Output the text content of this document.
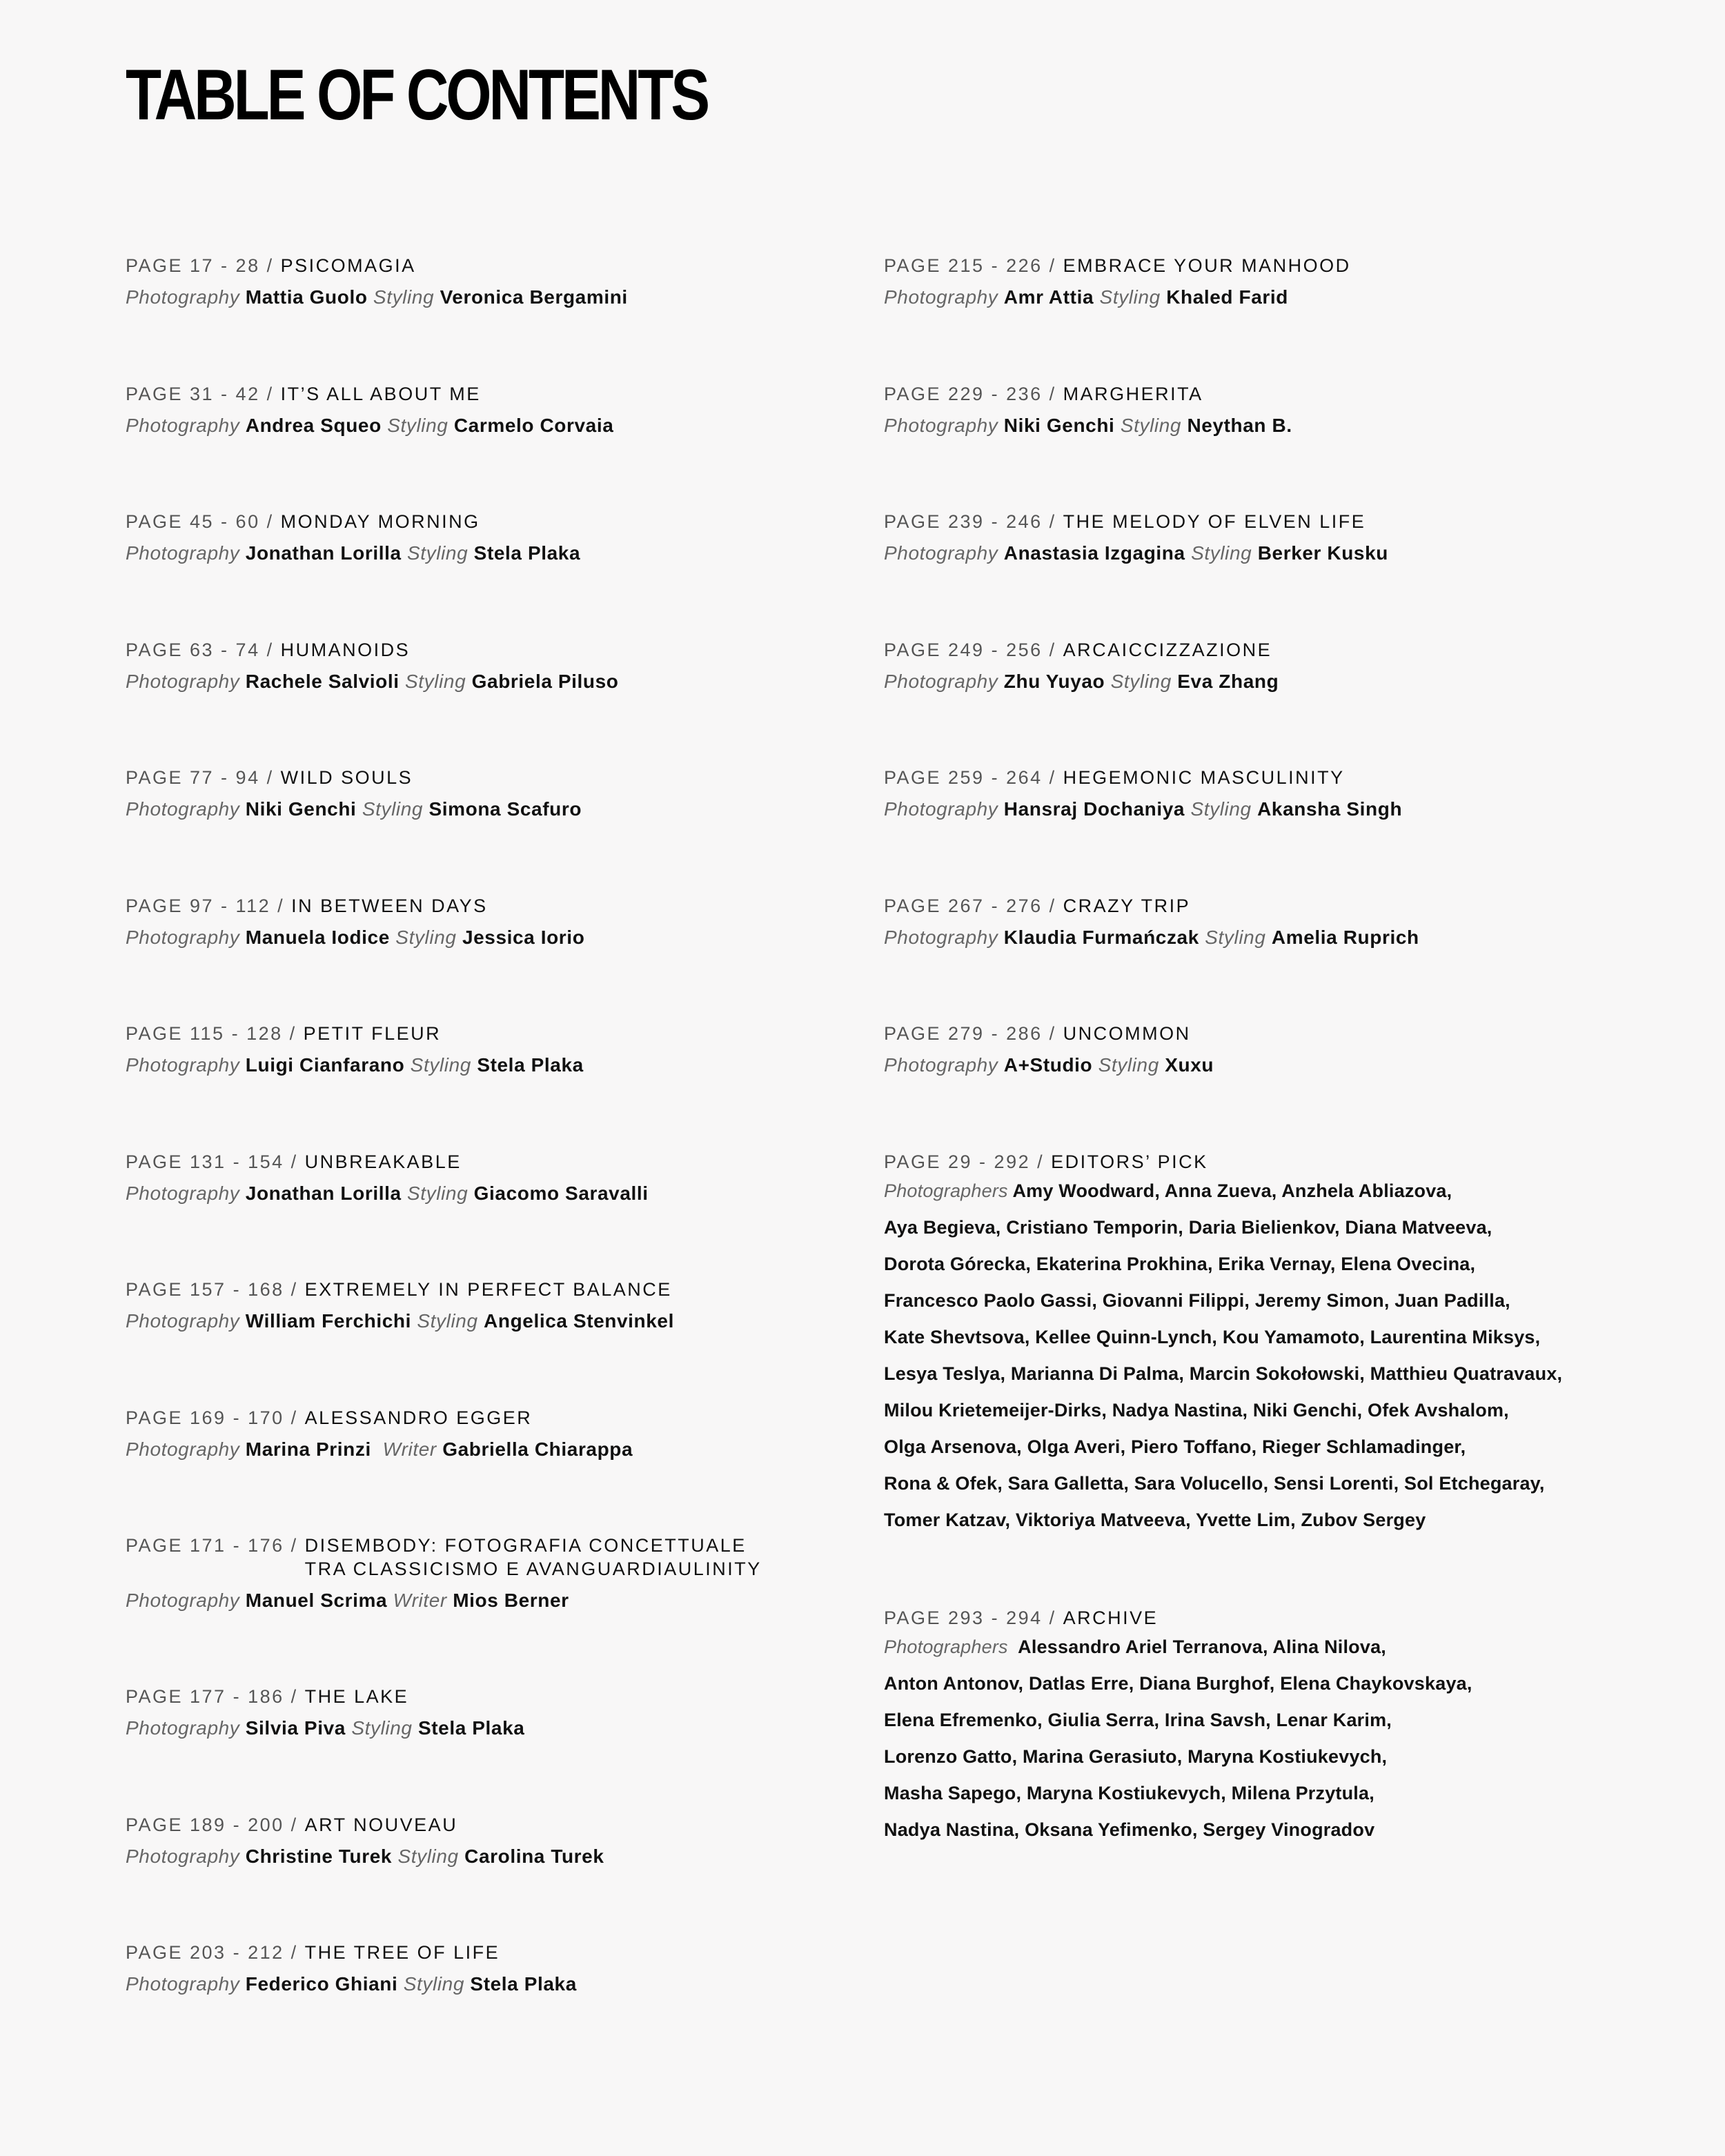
TABLE OF CONTENTS
PAGE 17 - 28 / PSICOMAGIA
Photography Mattia Guolo Styling Veronica Bergamini
PAGE 31 - 42 / IT’S ALL ABOUT ME
Photography Andrea Squeo Styling Carmelo Corvaia
PAGE 45 - 60 / MONDAY MORNING
Photography Jonathan Lorilla Styling Stela Plaka
PAGE 63 - 74 / HUMANOIDS
Photography Rachele Salvioli Styling Gabriela Piluso
PAGE 77 - 94 / WILD SOULS
Photography Niki Genchi Styling Simona Scafuro
PAGE 97 - 112 / IN BETWEEN DAYS
Photography Manuela Iodice Styling Jessica Iorio
PAGE 115 - 128 / PETIT FLEUR
Photography Luigi Cianfarano Styling Stela Plaka
PAGE 131 - 154 / UNBREAKABLE
Photography Jonathan Lorilla Styling Giacomo Saravalli
PAGE 157 - 168 / EXTREMELY IN PERFECT BALANCE
Photography William Ferchichi Styling Angelica Stenvinkel
PAGE 169 - 170 / ALESSANDRO EGGER
Photography Marina Prinzi Writer Gabriella Chiarappa
PAGE 171 - 176 / DISEMBODY: FOTOGRAFIA CONCETTUALE
TRA CLASSICISMO E AVANGUARDIAULINITY
Photography Manuel Scrima Writer Mios Berner
PAGE 177 - 186 / THE LAKE
Photography Silvia Piva Styling Stela Plaka
PAGE 189 - 200 / ART NOUVEAU
Photography Christine Turek Styling Carolina Turek
PAGE 203 - 212 / THE TREE OF LIFE
Photography Federico Ghiani Styling Stela Plaka
PAGE 215 - 226 / EMBRACE YOUR MANHOOD
Photography Amr Attia Styling Khaled Farid
PAGE 229 - 236 / MARGHERITA
Photography Niki Genchi Styling Neythan B.
PAGE 239 - 246 / THE MELODY OF ELVEN LIFE
Photography Anastasia Izgagina Styling Berker Kusku
PAGE 249 - 256 / ARCAICCIZZAZIONE
Photography Zhu Yuyao Styling Eva Zhang
PAGE 259 - 264 / HEGEMONIC MASCULINITY
Photography Hansraj Dochaniya Styling Akansha Singh
PAGE 267 - 276 / CRAZY TRIP
Photography Klaudia Furmańczak Styling Amelia Ruprich
PAGE 279 - 286 / UNCOMMON
Photography A+Studio Styling Xuxu
PAGE 29 - 292 / EDITORS’ PICK
Photographers Amy Woodward, Anna Zueva, Anzhela Abliazova,
Aya Begieva, Cristiano Temporin, Daria Bielienkov, Diana Matveeva,
Dorota Górecka, Ekaterina Prokhina, Erika Vernay, Elena Ovecina,
Francesco Paolo Gassi, Giovanni Filippi, Jeremy Simon, Juan Padilla,
Kate Shevtsova, Kellee Quinn-Lynch, Kou Yamamoto, Laurentina Miksys,
Lesya Teslya, Marianna Di Palma, Marcin Sokołowski, Matthieu Quatravaux,
Milou Krietemeijer-Dirks, Nadya Nastina, Niki Genchi, Ofek Avshalom,
Olga Arsenova, Olga Averi, Piero Toffano, Rieger Schlamadinger,
Rona & Ofek, Sara Galletta, Sara Volucello, Sensi Lorenti, Sol Etchegaray,
Tomer Katzav, Viktoriya Matveeva, Yvette Lim, Zubov Sergey
PAGE 293 - 294 / ARCHIVE
Photographers Alessandro Ariel Terranova, Alina Nilova,
Anton Antonov, Datlas Erre, Diana Burghof, Elena Chaykovskaya,
Elena Efremenko, Giulia Serra, Irina Savsh, Lenar Karim,
Lorenzo Gatto, Marina Gerasiuto, Maryna Kostiukevych,
Masha Sapego, Maryna Kostiukevych, Milena Przytula,
Nadya Nastina, Oksana Yefimenko, Sergey Vinogradov
